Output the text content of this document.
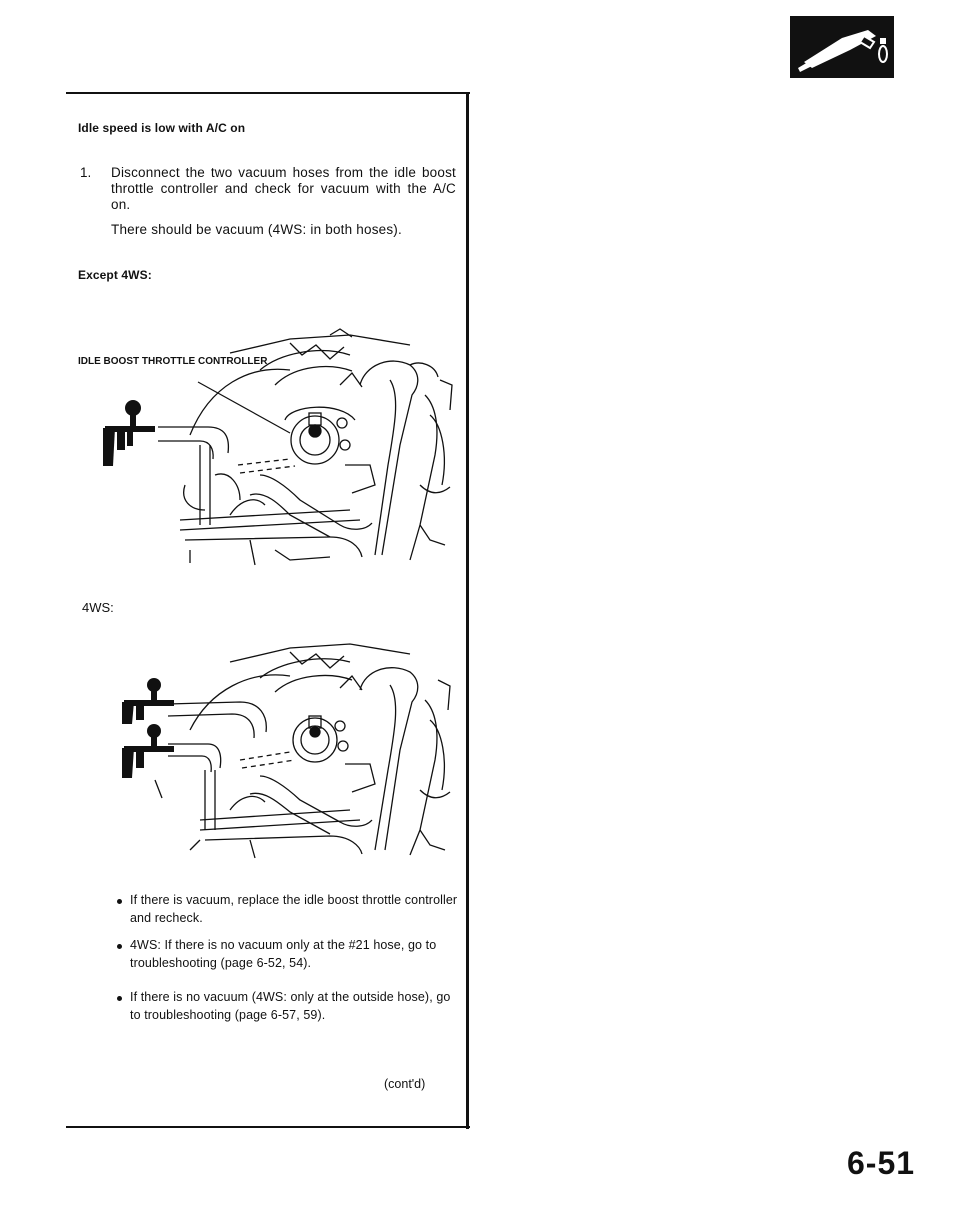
Idle speed is low with A/C on
1. Disconnect the two vacuum hoses from the idle boost throttle controller and check for vacuum with the A/C on.
There should be vacuum (4WS: in both hoses).
Except 4WS:
IDLE BOOST THROTTLE CONTROLLER
4WS:
If there is vacuum, replace the idle boost throttle controller and recheck.
4WS: If there is no vacuum only at the #21 hose, go to troubleshooting (page 6-52, 54).
If there is no vacuum (4WS: only at the outside hose), go to troubleshooting (page 6-57, 59).
(cont'd)
6-51
